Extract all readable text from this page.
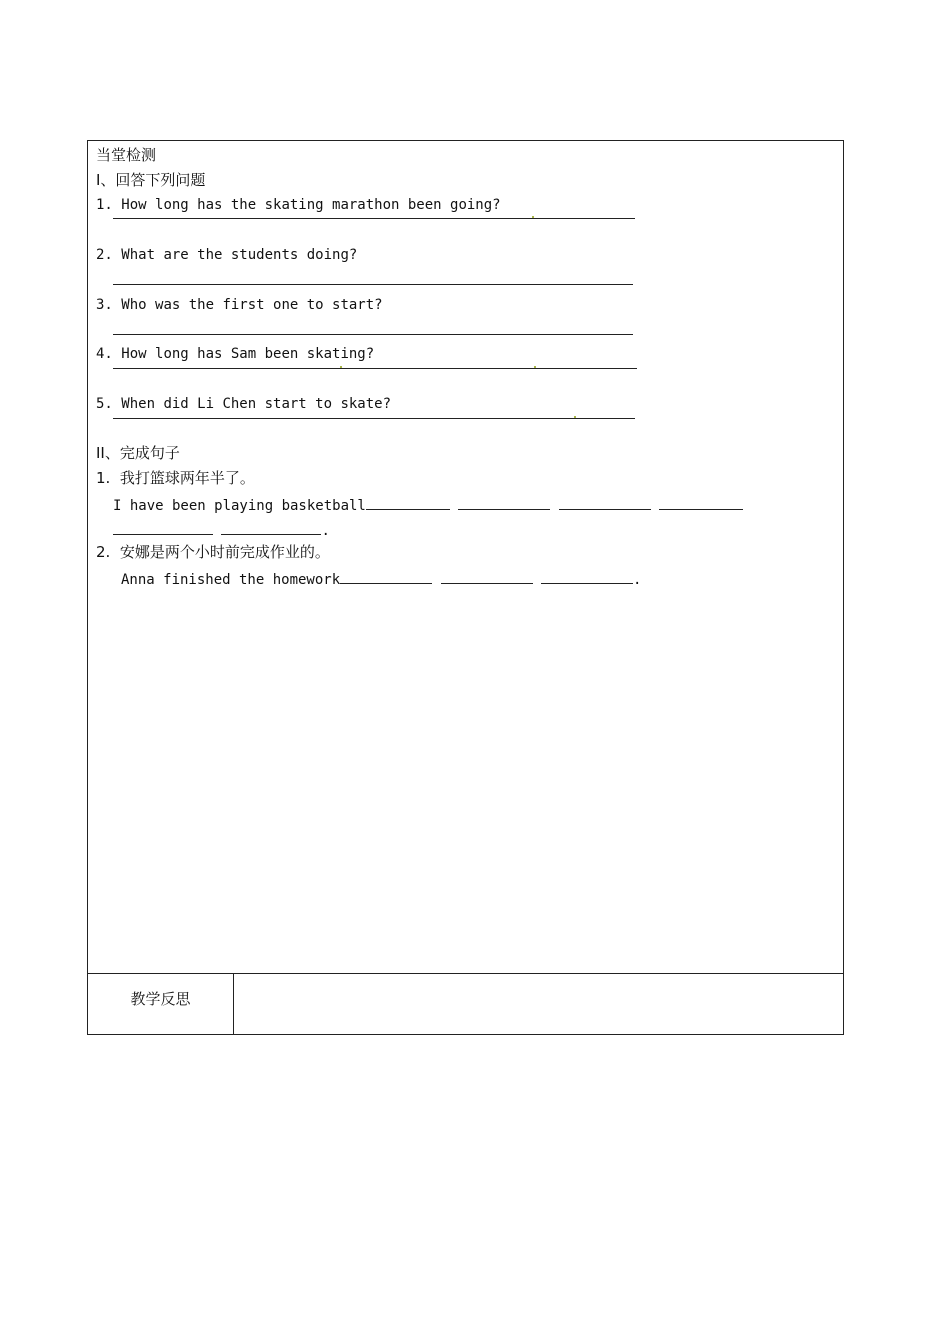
当堂检测
I、回答下列问题
1. How long has the skating marathon been going?
2. What are the students doing?
3. Who was the first one to start?
4. How long has Sam been skating?
5. When did Li Chen start to skate?
II、完成句子
1. 我打篮球两年半了。
I have been playing basketball
.
2. 安娜是两个小时前完成作业的。
Anna finished the homework	.
教学反思
